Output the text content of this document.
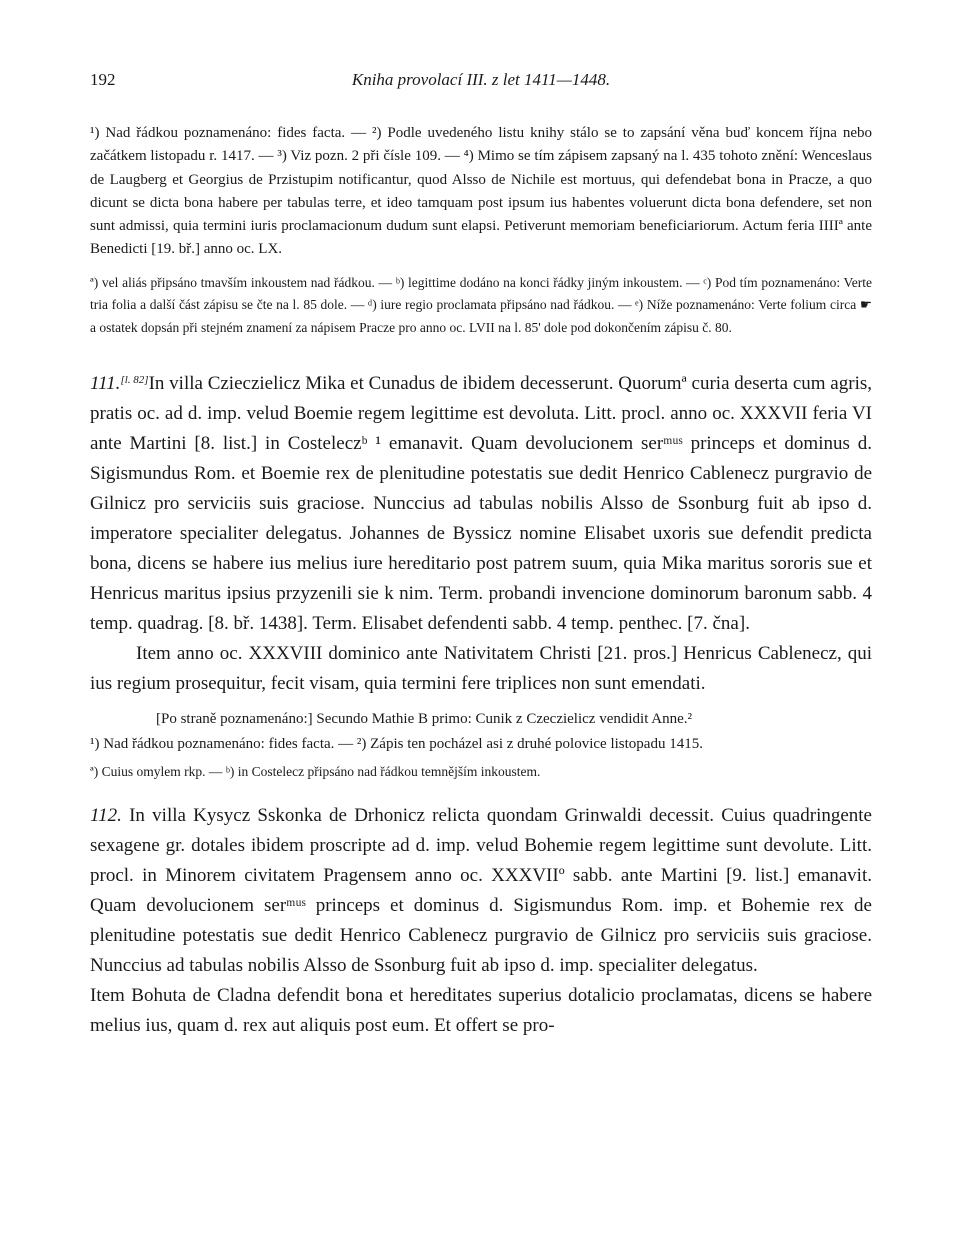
192	Kniha provolací III. z let 1411—1448.

¹) Nad řádkou poznamenáno: fides facta. — ²) Podle uvedeného listu knihy stálo se to zapsání věna buď koncem října nebo začátkem listopadu r. 1417. — ³) Viz pozn. 2 při čísle 109. — ⁴) Mimo se tím zápisem zapsaný na l. 435 tohoto znění: Wenceslaus de Laugberg et Georgius de Przistupim notificantur, quod Alsso de Nichile est mortuus, qui defendebat bona in Pracze, a quo dicunt se dicta bona habere per tabulas terre, et ideo tamquam post ipsum ius habentes voluerunt dicta bona defendere, set non sunt admissi, quia termini iuris proclamacionum dudum sunt elapsi. Petiverunt memoriam beneficiariorum. Actum feria IIIIª ante Benedicti [19. bř.] anno oc. LX.

ª) vel aliás připsáno tmavším inkoustem nad řádkou. — ᵇ) legittime dodáno na konci řádky jiným inkoustem. — ᶜ) Pod tím poznamenáno: Verte tria folia a další část zápisu se čte na l. 85 dole. — ᵈ) iure regio proclamata připsáno nad řádkou. — ᵉ) Níže poznamenáno: Verte folium circa ☛ a ostatek dopsán při stejném znamení za nápisem Pracze pro anno oc. LVII na l. 85' dole pod dokončením zápisu č. 80.

111.[l. 82]In villa Czieczielicz Mika et Cunadus de ibidem decesserunt. Quorumª curia deserta cum agris, pratis oc. ad d. imp. velud Boemie regem legittime est devoluta. Litt. procl. anno oc. XXXVII feria VI ante Martini [8. list.] in Costeleczᵇ ¹ emanavit. Quam devolucionem serᵐᵘˢ princeps et dominus d. Sigismundus Rom. et Boemie rex de plenitudine potestatis sue dedit Henrico Cablenecz purgravio de Gilnicz pro serviciis suis graciose. Nunccius ad tabulas nobilis Alsso de Ssonburg fuit ab ipso d. imperatore specialiter delegatus. Johannes de Byssicz nomine Elisabet uxoris sue defendit predicta bona, dicens se habere ius melius iure hereditario post patrem suum, quia Mika maritus sororis sue et Henricus maritus ipsius przyzenili sie k nim. Term. probandi invencione dominorum baronum sabb. 4 temp. quadrag. [8. bř. 1438]. Term. Elisabet defendenti sabb. 4 temp. penthec. [7. čna].

Item anno oc. XXXVIII dominico ante Nativitatem Christi [21. pros.] Henricus Cablenecz, qui ius regium prosequitur, fecit visam, quia termini fere triplices non sunt emendati.

[Po straně poznamenáno:] Secundo Mathie B primo: Cunik z Czeczielicz vendidit Anne.²

¹) Nad řádkou poznamenáno: fides facta. — ²) Zápis ten pocházel asi z druhé polovice listopadu 1415.

ª) Cuius omylem rkp. — ᵇ) in Costelecz připsáno nad řádkou temnějším inkoustem.

112. In villa Kysycz Sskonka de Drhonicz relicta quondam Grinwaldi decessit. Cuius quadringente sexagene gr. dotales ibidem proscripte ad d. imp. velud Bohemie regem legittime sunt devolute. Litt. procl. in Minorem civitatem Pragensem anno oc. XXXVIIº sabb. ante Martini [9. list.] emanavit. Quam devolucionem serᵐᵘˢ princeps et dominus d. Sigismundus Rom. imp. et Bohemie rex de plenitudine potestatis sue dedit Henrico Cablenecz purgravio de Gilnicz pro serviciis suis graciose. Nunccius ad tabulas nobilis Alsso de Ssonburg fuit ab ipso d. imp. specialiter delegatus.

Item Bohuta de Cladna defendit bona et hereditates superius dotalicio proclamatas, dicens se habere melius ius, quam d. rex aut aliquis post eum. Et offert se pro-
